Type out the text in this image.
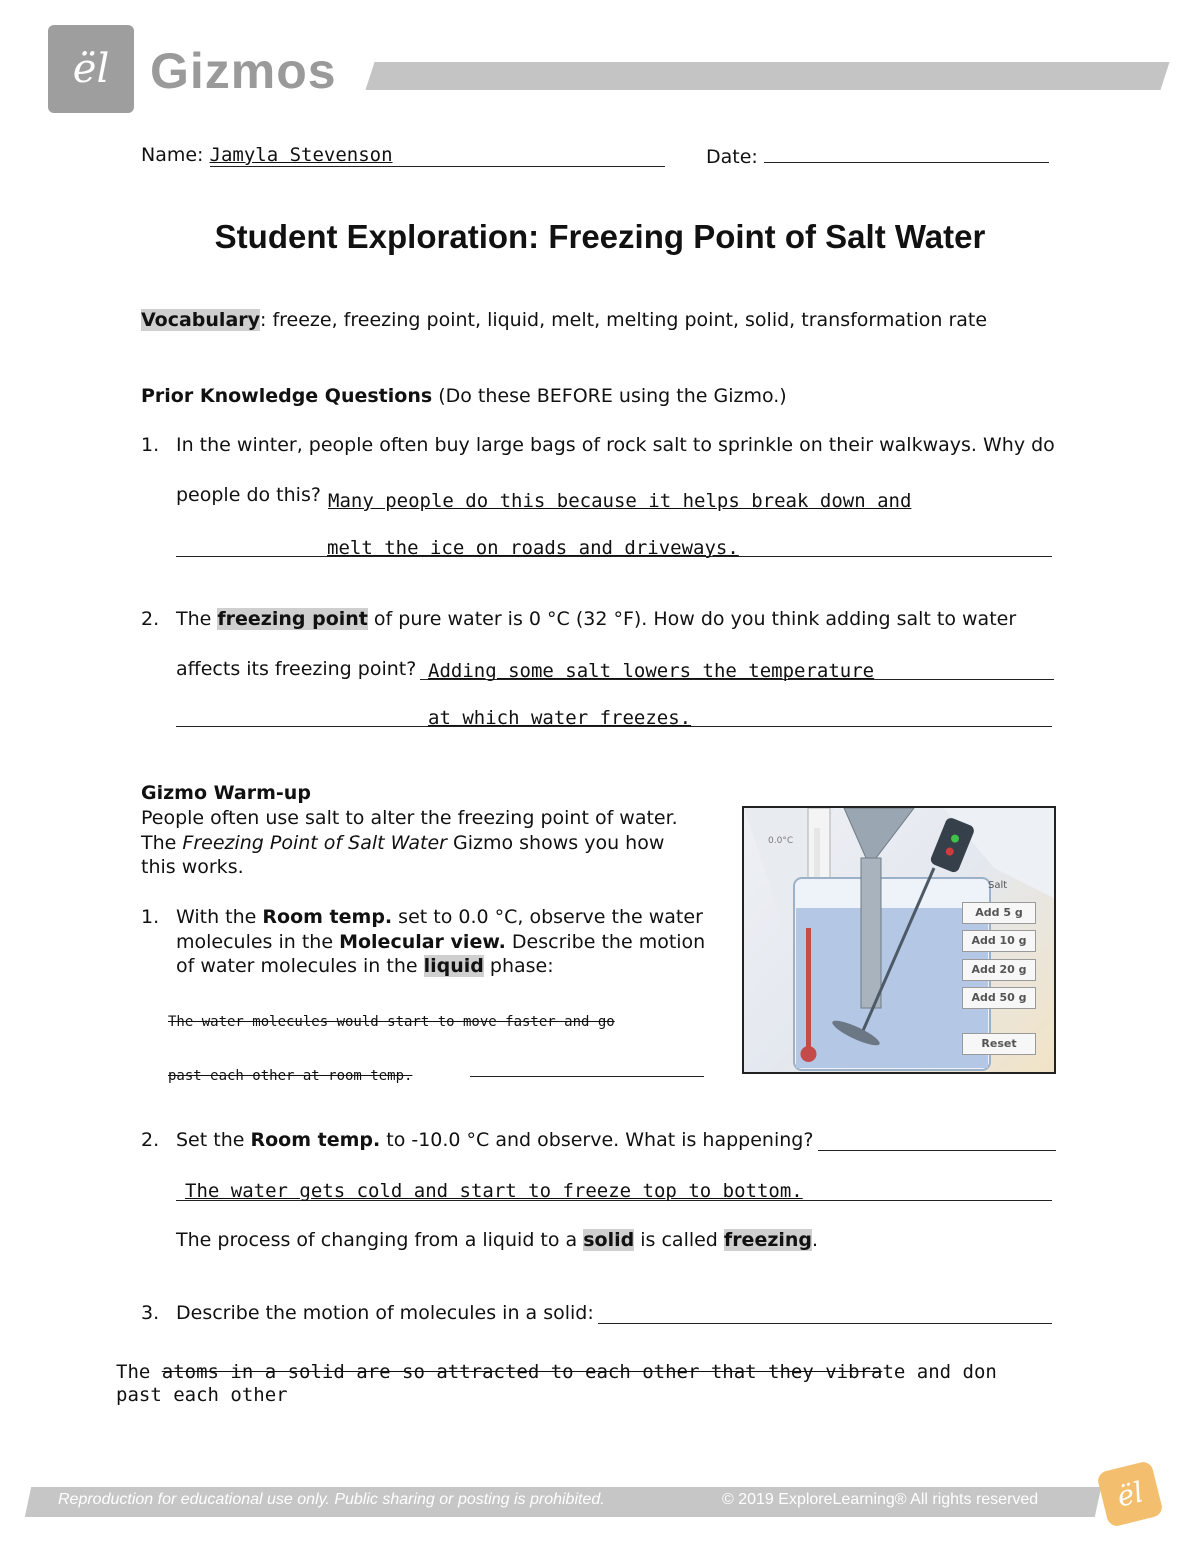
ël Gizmos
Name: Jamyla Stevenson	Date:
Student Exploration: Freezing Point of Salt Water
Vocabulary: freeze, freezing point, liquid, melt, melting point, solid, transformation rate
Prior Knowledge Questions (Do these BEFORE using the Gizmo.)
1. In the winter, people often buy large bags of rock salt to sprinkle on their walkways. Why do
people do this? Many people do this because it helps break down and
melt the ice on roads and driveways.
2. The freezing point of pure water is 0 °C (32 °F). How do you think adding salt to water
affects its freezing point? Adding some salt lowers the temperature
at which water freezes.
Gizmo Warm-up
People often use salt to alter the freezing point of water.
The Freezing Point of Salt Water Gizmo shows you how
this works.
1. With the Room temp. set to 0.0 °C, observe the water
molecules in the Molecular view. Describe the motion
of water molecules in the liquid phase:
The water molecules would start to move faster and go
past each other at room temp.
0.0°C
Salt
Add 5 g
Add 10 g
Add 20 g
Add 50 g
Reset
2. Set the Room temp. to -10.0 °C and observe. What is happening?
The water gets cold and start to freeze top to bottom.
The process of changing from a liquid to a solid is called freezing.
3. Describe the motion of molecules in a solid:
The atoms in a solid are so attracted to each other that they vibrate and don
past each other
Reproduction for educational use only. Public sharing or posting is prohibited.	© 2019 ExploreLearning® All rights reserved	ël
